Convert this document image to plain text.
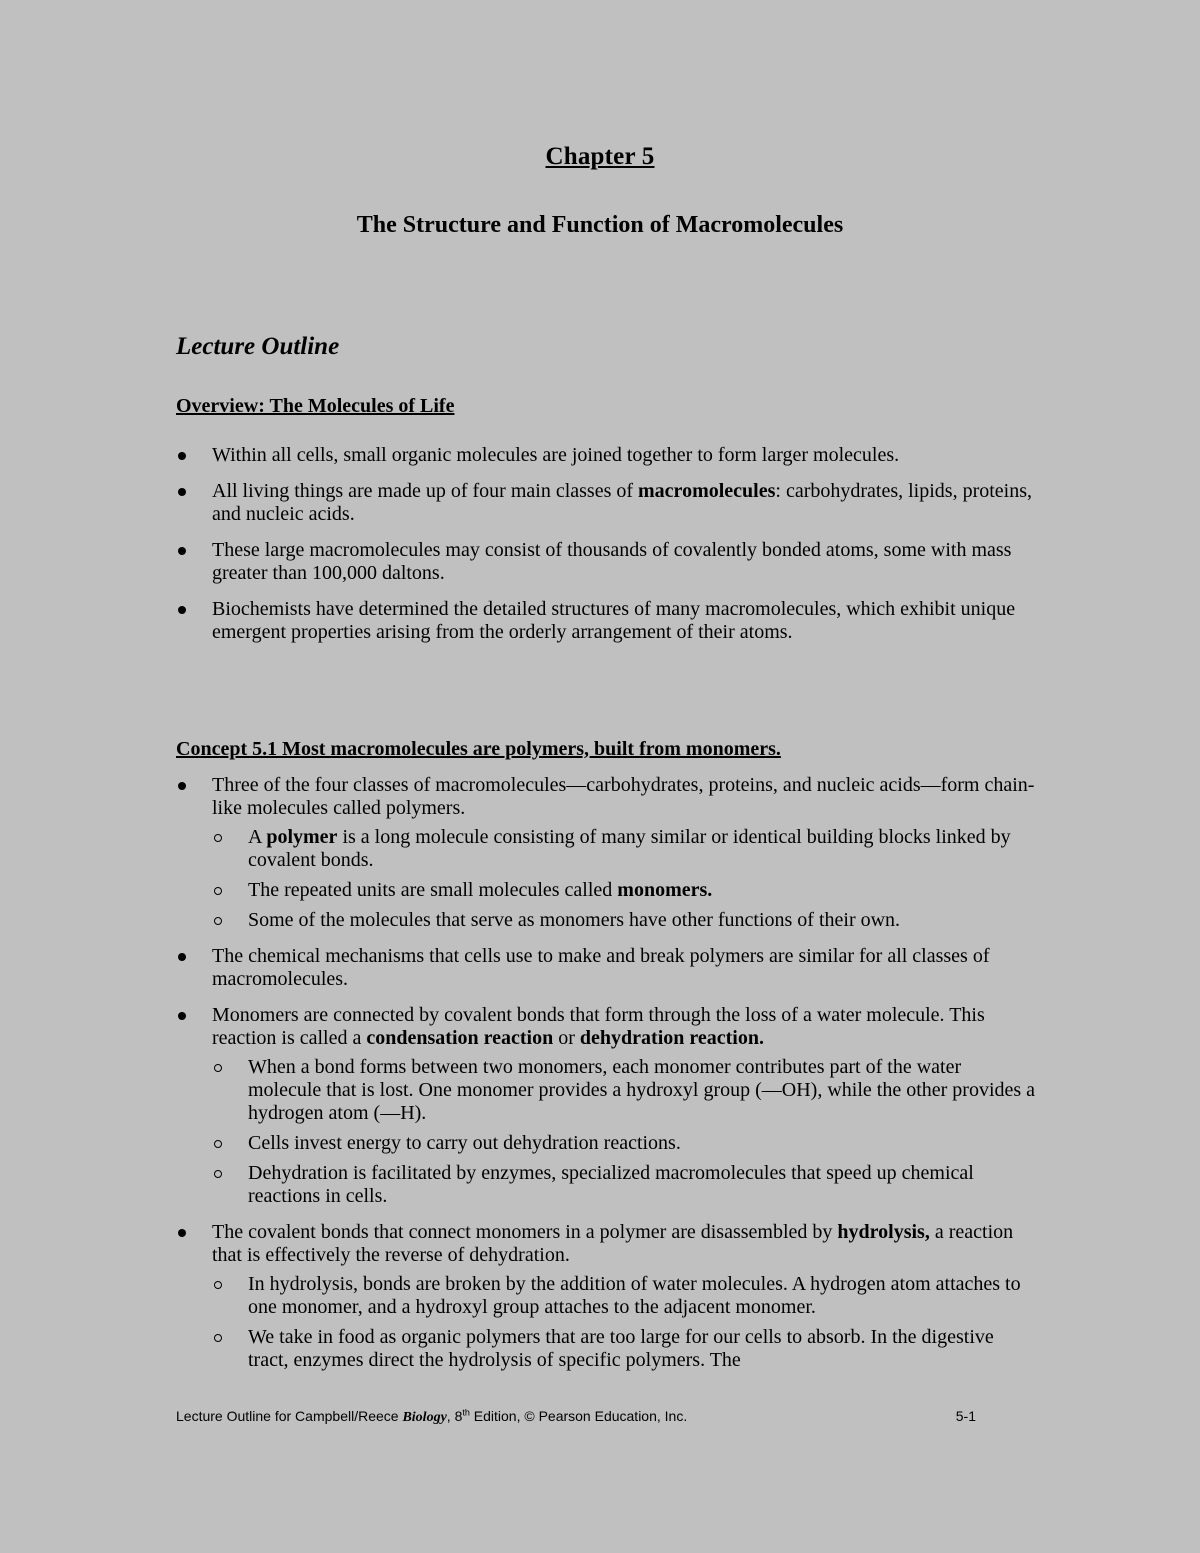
Chapter 5
The Structure and Function of Macromolecules
Lecture Outline

Overview: The Molecules of Life

Within all cells, small organic molecules are joined together to form larger molecules.
All living things are made up of four main classes of macromolecules: carbohydrates, lipids, proteins, and nucleic acids.
These large macromolecules may consist of thousands of covalently bonded atoms, some with mass greater than 100,000 daltons.
Biochemists have determined the detailed structures of many macromolecules, which exhibit unique emergent properties arising from the orderly arrangement of their atoms.

Concept 5.1 Most macromolecules are polymers, built from monomers.

Three of the four classes of macromolecules—carbohydrates, proteins, and nucleic acids—form chain-like molecules called polymers.
A polymer is a long molecule consisting of many similar or identical building blocks linked by covalent bonds.
The repeated units are small molecules called monomers.
Some of the molecules that serve as monomers have other functions of their own.
The chemical mechanisms that cells use to make and break polymers are similar for all classes of macromolecules.
Monomers are connected by covalent bonds that form through the loss of a water molecule. This reaction is called a condensation reaction or dehydration reaction.
When a bond forms between two monomers, each monomer contributes part of the water molecule that is lost. One monomer provides a hydroxyl group (—OH), while the other provides a hydrogen atom (—H).
Cells invest energy to carry out dehydration reactions.
Dehydration is facilitated by enzymes, specialized macromolecules that speed up chemical reactions in cells.
The covalent bonds that connect monomers in a polymer are disassembled by hydrolysis, a reaction that is effectively the reverse of dehydration.
In hydrolysis, bonds are broken by the addition of water molecules. A hydrogen atom attaches to one monomer, and a hydroxyl group attaches to the adjacent monomer.
We take in food as organic polymers that are too large for our cells to absorb. In the digestive tract, enzymes direct the hydrolysis of specific polymers. The
Lecture Outline for Campbell/Reece Biology, 8th Edition, © Pearson Education, Inc.	5-1
